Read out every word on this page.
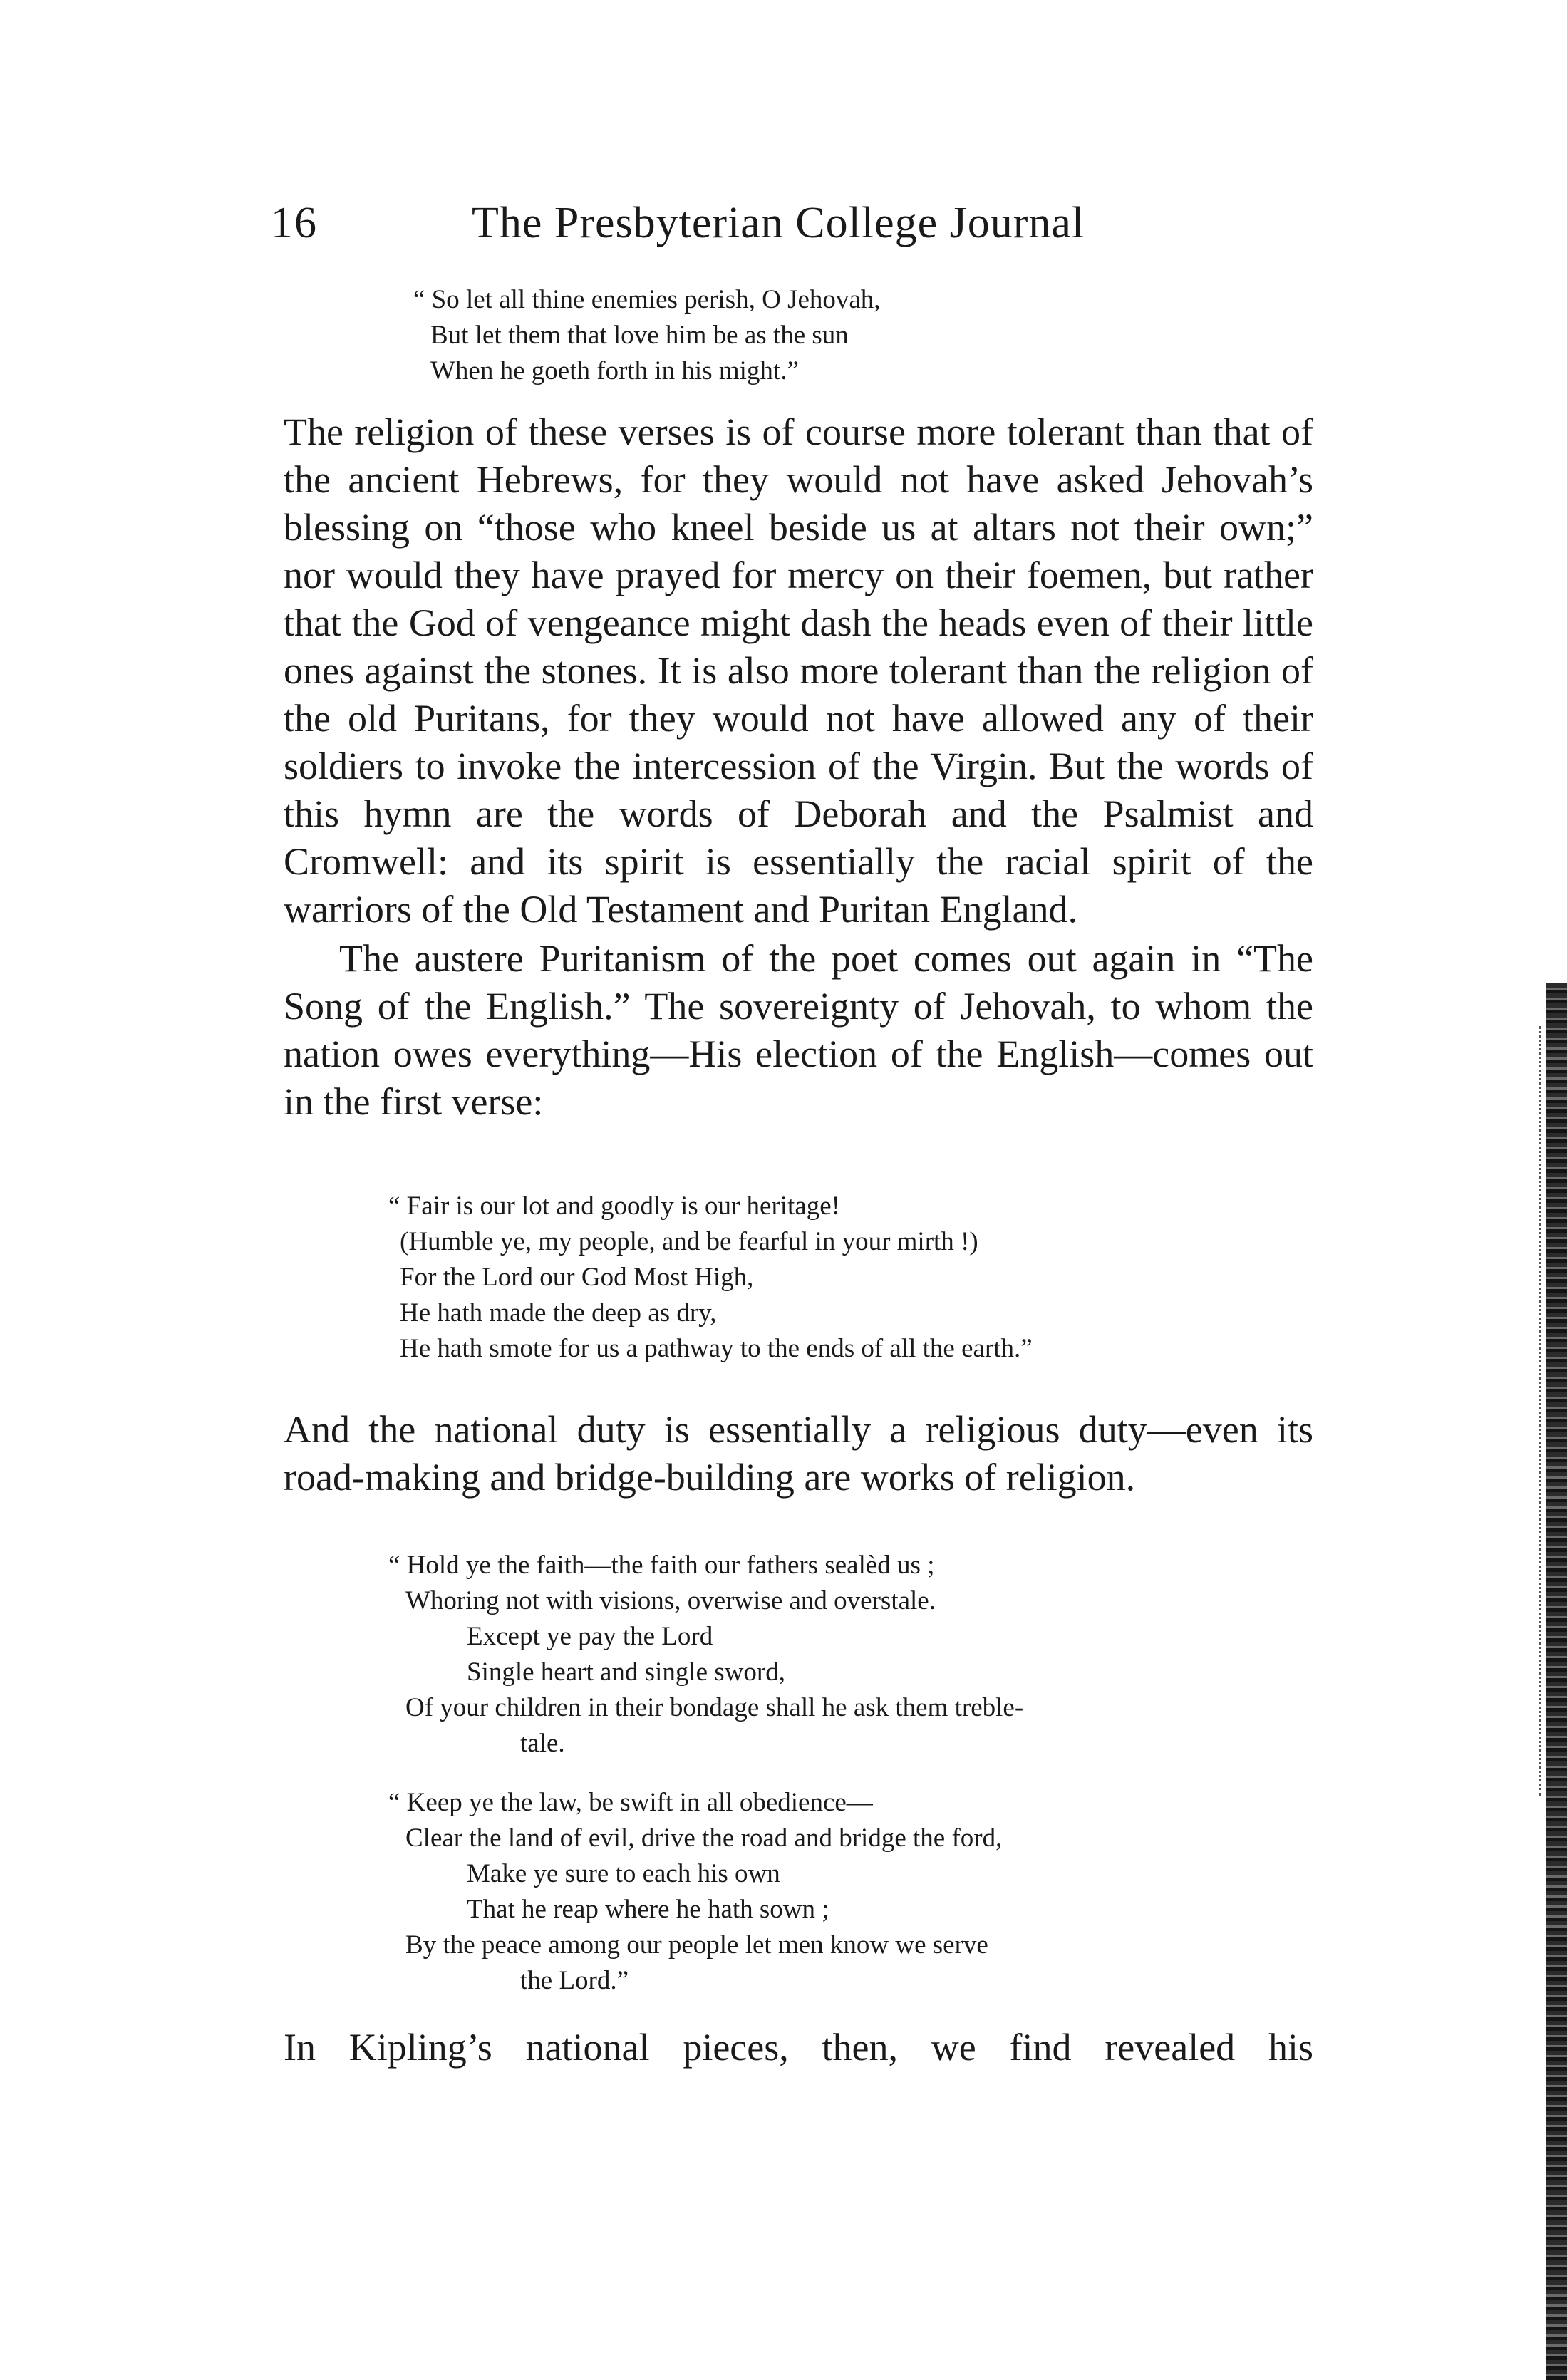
16	The Presbyterian College Journal
“ So let all thine enemies perish, O Jehovah,
But let them that love him be as the sun
When he goeth forth in his might.”

The religion of these verses is of course more tolerant than that of the ancient Hebrews, for they would not have asked Jehovah’s blessing on “those who kneel beside us at altars not their own;” nor would they have prayed for mercy on their foemen, but rather that the God of vengeance might dash the heads even of their little ones against the stones. It is also more tolerant than the religion of the old Puritans, for they would not have allowed any of their soldiers to invoke the intercession of the Virgin. But the words of this hymn are the words of Deborah and the Psalmist and Cromwell: and its spirit is essentially the racial spirit of the warriors of the Old Testament and Puritan England.

The austere Puritanism of the poet comes out again in “The Song of the English.” The sovereignty of Jehovah, to whom the nation owes everything—His election of the English—comes out in the first verse:

“ Fair is our lot and goodly is our heritage!
(Humble ye, my people, and be fearful in your mirth !)
For the Lord our God Most High,
He hath made the deep as dry,
He hath smote for us a pathway to the ends of all the earth.”

And the national duty is essentially a religious duty—even its road-making and bridge-building are works of religion.

“ Hold ye the faith—the faith our fathers sealèd us ;
Whoring not with visions, overwise and overstale.
Except ye pay the Lord
Single heart and single sword,
Of your children in their bondage shall he ask them treble-
tale.
“ Keep ye the law, be swift in all obedience—
Clear the land of evil, drive the road and bridge the ford,
Make ye sure to each his own
That he reap where he hath sown ;
By the peace among our people let men know we serve
the Lord.”

In Kipling’s national pieces, then, we find revealed his
